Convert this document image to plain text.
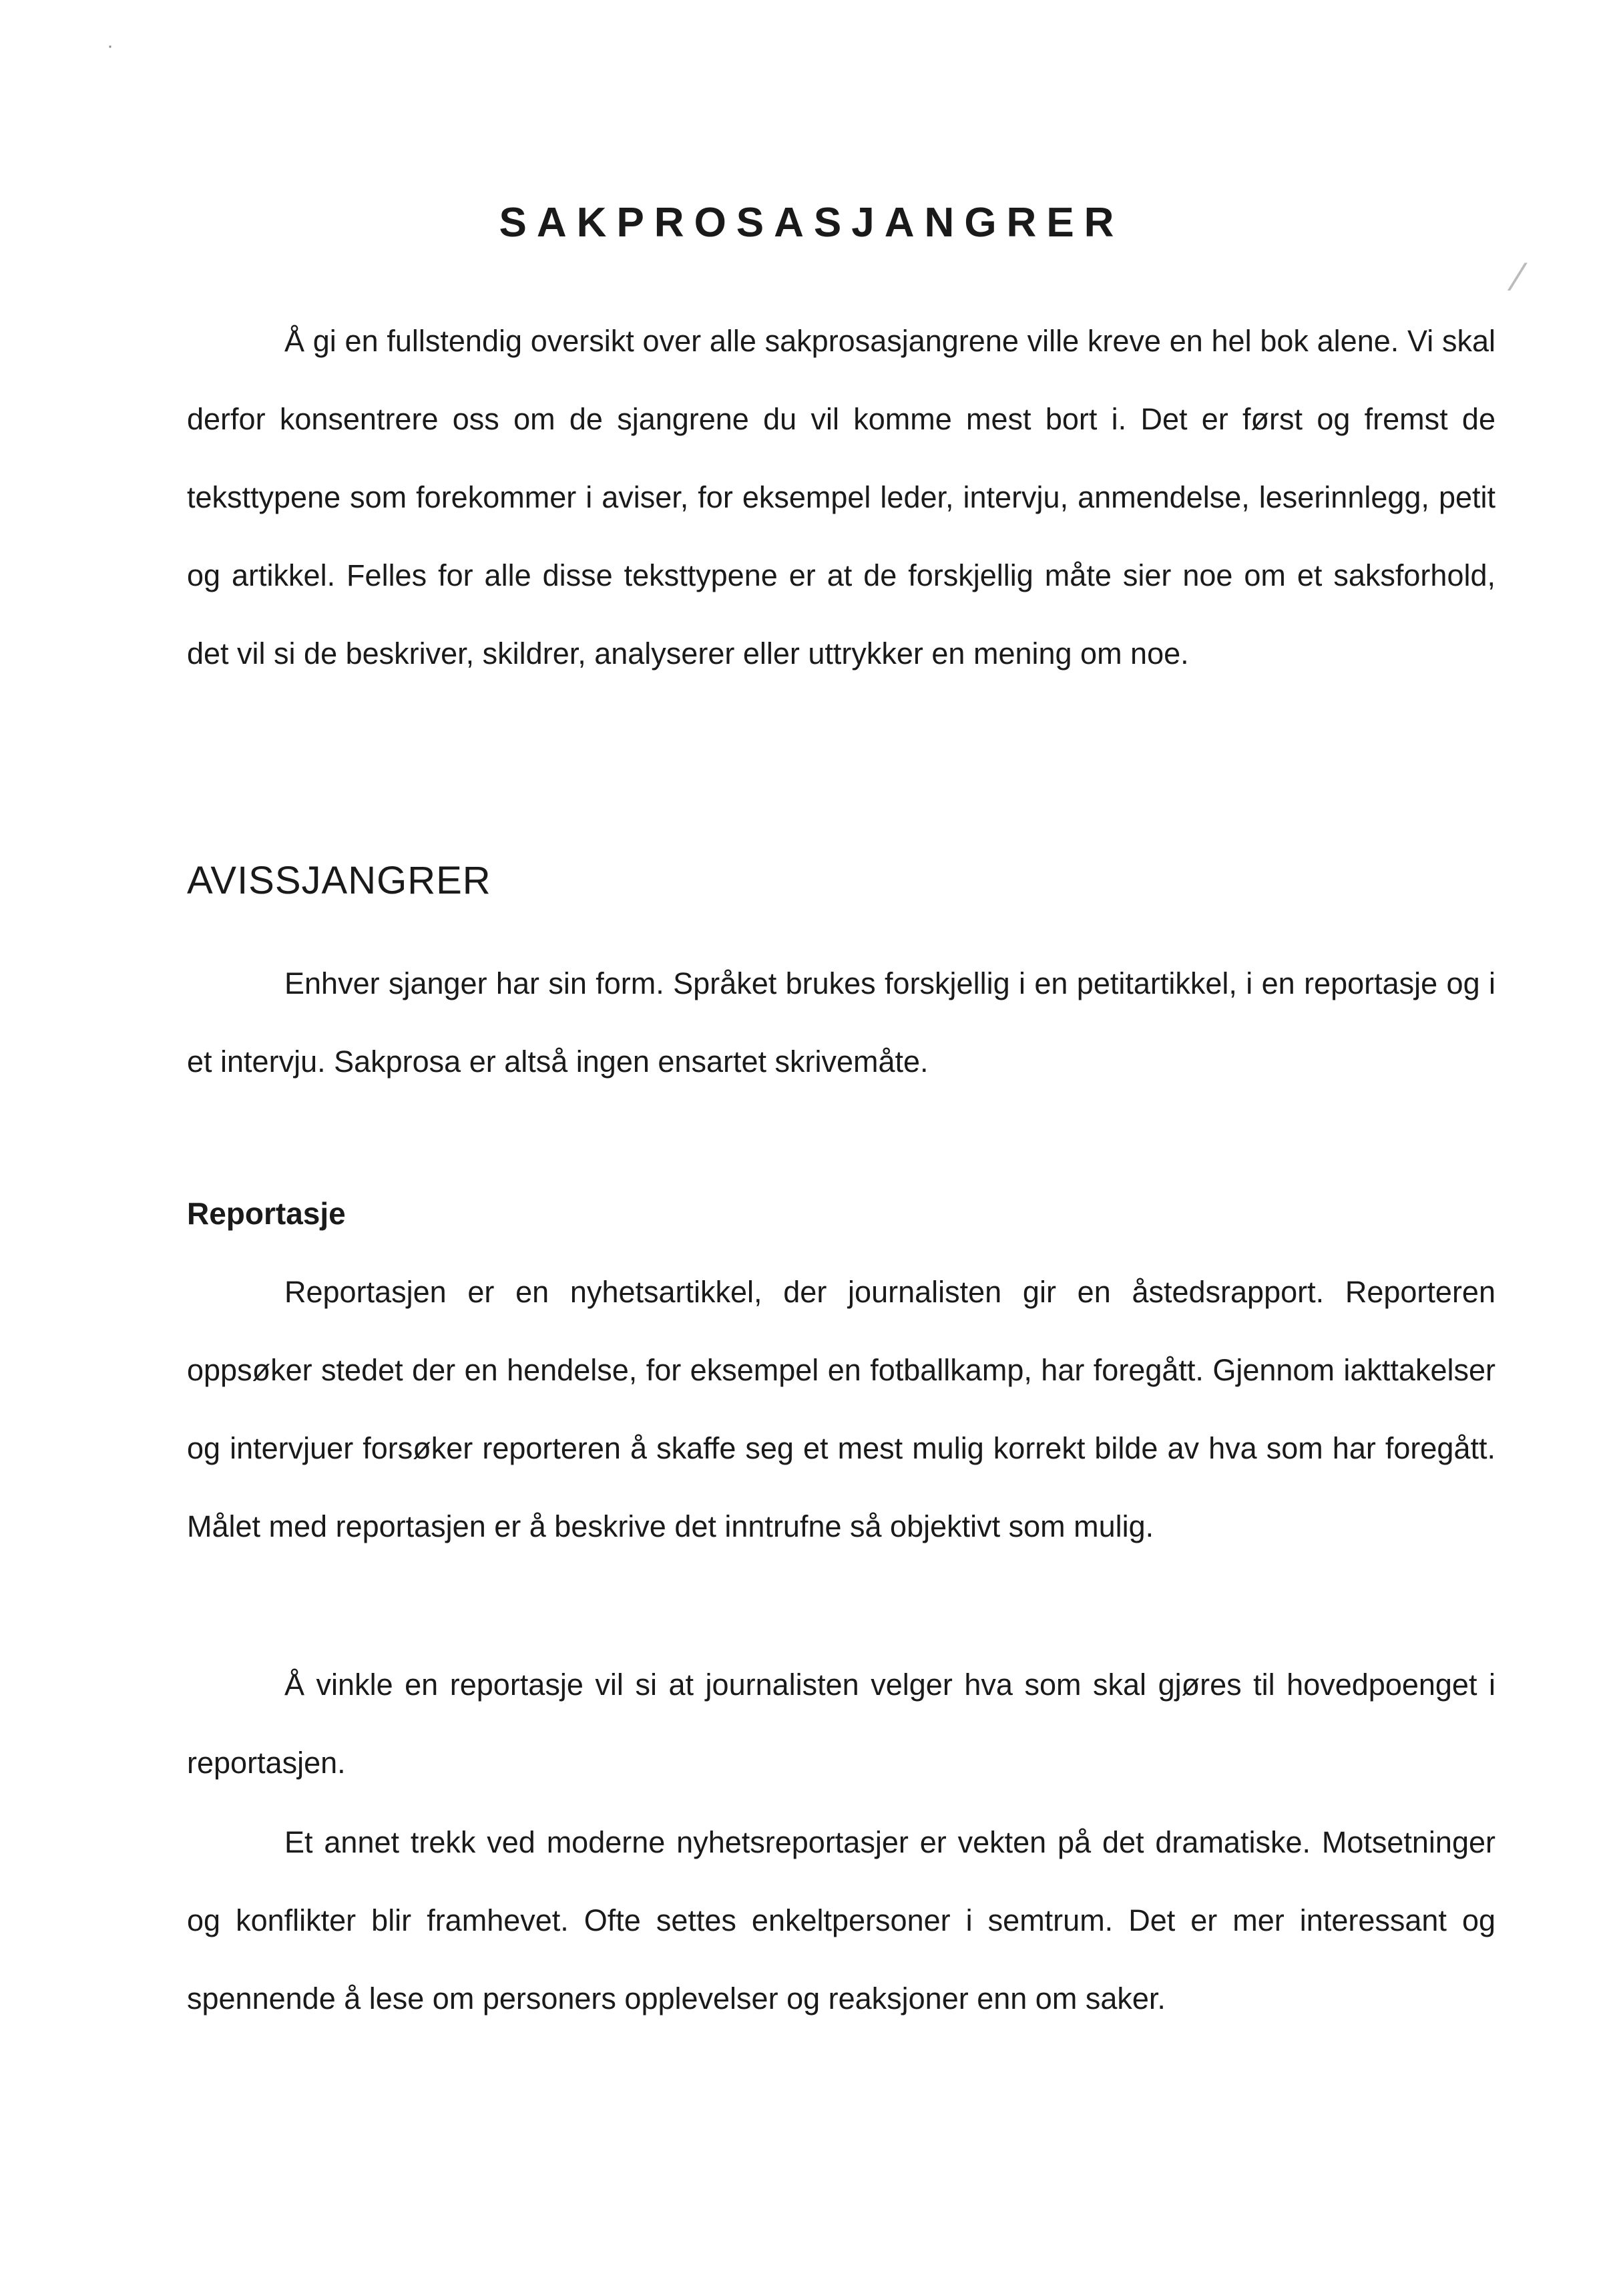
SAKPROSASJANGRER

Å gi en fullstendig oversikt over alle sakprosasjangrene ville kreve en hel bok alene. Vi skal derfor konsentrere oss om de sjangrene du vil komme mest bort i. Det er først og fremst de teksttypene som forekommer i aviser, for eksempel leder, intervju, anmendelse, leserinnlegg, petit og artikkel. Felles for alle disse teksttypene er at de forskjellig måte sier noe om et saksforhold, det vil si de beskriver, skildrer, analyserer eller uttrykker en mening om noe.

AVISSJANGRER

Enhver sjanger har sin form. Språket brukes forskjellig i en petitartikkel, i en reportasje og i et intervju. Sakprosa er altså ingen ensartet skrivemåte.

Reportasje

Reportasjen er en nyhetsartikkel, der journalisten gir en åstedsrapport. Reporteren oppsøker stedet der en hendelse, for eksempel en fotballkamp, har foregått. Gjennom iakttakelser og intervjuer forsøker reporteren å skaffe seg et mest mulig korrekt bilde av hva som har foregått. Målet med reportasjen er å beskrive det inntrufne så objektivt som mulig.

Å vinkle en reportasje vil si at journalisten velger hva som skal gjøres til hovedpoenget i reportasjen.

Et annet trekk ved moderne nyhetsreportasjer er vekten på det dramatiske. Motsetninger og konflikter blir framhevet. Ofte settes enkeltpersoner i semtrum. Det er mer interessant og spennende å lese om personers opplevelser og reaksjoner enn om saker.

·
⁄
